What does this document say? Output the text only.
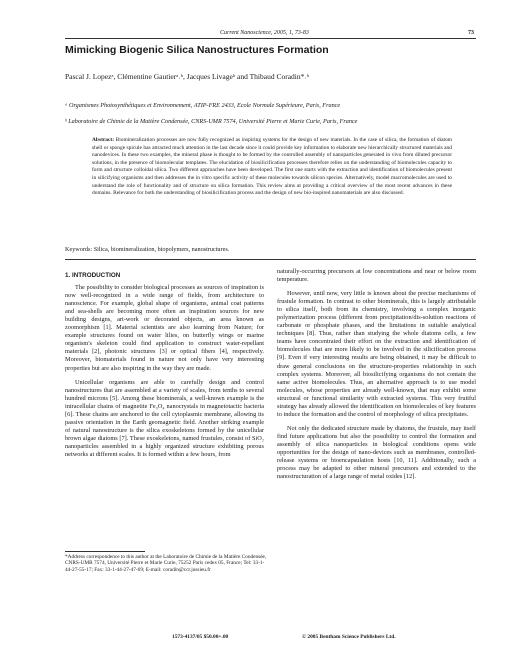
Current Nanoscience, 2005, 1, 73-83	73
Mimicking Biogenic Silica Nanostructures Formation
Pascal J. Lopezᵃ, Clémentine Gautierᵃ˒ᵇ, Jacques Livageᵇ and Thibaud Coradin*˒ᵇ
ᵃ Organismes Photosynthétiques et Environnement, ATIP-FRE 2433, Ecole Normale Supérieure, Paris, France
ᵇ Laboratoire de Chimie de la Matière Condensée, CNRS-UMR 7574, Université Pierre et Marie Curie, Paris, France
Abstract: Biomineralization processes are now fully recognized as inspiring systems for the design of new materials. In the case of silica, the formation of diatom shell or sponge spicule has attracted much attention in the last decade since it could provide key information to elaborate new hierarchically structured materials and nanodevices. In these two examples, the mineral phase is thought to be formed by the controlled assembly of nanoparticles generated in vivo from diluted precursor solutions, in the presence of biomolecular templates. The elucidation of biosilicification processes therefore relies on the understanding of biomolecules capacity to form and structure colloidal silica. Two different approaches have been developed. The first one starts with the extraction and identification of biomolecules present in silicifying organisms and then addresses the in vitro specific activity of these molecules towards silicon species. Alternatively, model macromolecules are used to understand the role of functionality and of structure on silica formation. This review aims at providing a critical overview of the most recent advances in these domains. Relevance for both the understanding of biosilicification process and the design of new bio-inspired nanomaterials are also discussed.
Keywords: Silica, biomineralization, biopolymers, nanostructures.
1. INTRODUCTION

The possibility to consider biological processes as sources of inspiration is now well-recognized in a wide range of fields, from architecture to nanoscience. For example, global shape of organisms, animal coat patterns and sea-shells are becoming more often an inspiration sources for new building designs, art-work or decorated objects, an area known as zoomorphism [1]. Material scientists are also learning from Nature; for example structures found on water lilies, on butterfly wings or marine organism's skeleton could find application to construct water-repellant materials [2], photonic structures [3] or optical fibers [4], respectively. Moreover, biomaterials found in nature not only have very interesting properties but are also inspiring in the way they are made.

Unicellular organisms are able to carefully design and control nanostructures that are assembled at a variety of scales, from tenths to several hundred microns [5]. Among these biominerals, a well-known example is the intracellular chains of magnetite Fe₃O₄ nanocrystals in magnetotactic bacteria [6]. These chains are anchored to the cell cytoplasmic membrane, allowing its passive orientation in the Earth geomagnetic field. Another striking example of natural nanostructure is the silica exoskeletons formed by the unicellular brown algae diatoms [7]. These exoskeletons, named frustules, consist of SiO₂ nanoparticles assembled in a highly organized structure exhibiting porous networks at different scales. It is formed within a few hours, from

naturally-occurring precursors at low concentrations and near or below room temperature.

However, until now, very little is known about the precise mechanisms of frustule formation. In contrast to other biominerals, this is largely attributable to silica itself, both from its chemistry, involving a complex inorganic polymerization process (different from precipitation/dis-solution reactions of carbonate or phosphate phases, and the limitations in suitable analytical techniques [8]. Thus, rather than studying the whole diatoms cells, a few teams have concentrated their effort on the extraction and identification of biomolecules that are more likely to be involved in the silicification process [9]. Even if very interesting results are being obtained, it may be difficult to draw general conclusions on the structure-properties relationship in such complex systems. Moreover, all biosilicifying organisms do not contain the same active biomolecules. Thus, an alternative approach is to use model molecules, whose properties are already well-known, that may exhibit some structural or functional similarity with extracted systems. This very fruitful strategy has already allowed the identification on biomolecules of key features to induce the formation and the control of morphology of silica precipitates.

Not only the dedicated structure made by diatoms, the frustule, may itself find future applications but also the possibility to control the formation and assembly of silica nanoparticles in biological conditions opens wide opportunities for the design of nano-devices such as membranes, controlled-release systems or bioencapsulation hosts [10, 11]. Additionally, such a process may be adapted to other mineral precursors and extended to the nanostructuration of a large range of metal oxides [12].

*Address correspondence to this author at the Laboratoire de Chimie de la Matière Condensée, CNRS-UMR 7574, Université Pierre et Marie Curie, 75252 Paris cedex 05, France; Tel: 33-1-44-27-55-17; Fax: 33-1-44-27-47-69; E-mail: coradin@ccr.jussieu.fr
1573-4137/05 $50.00+.00	© 2005 Bentham Science Publishers Ltd.
